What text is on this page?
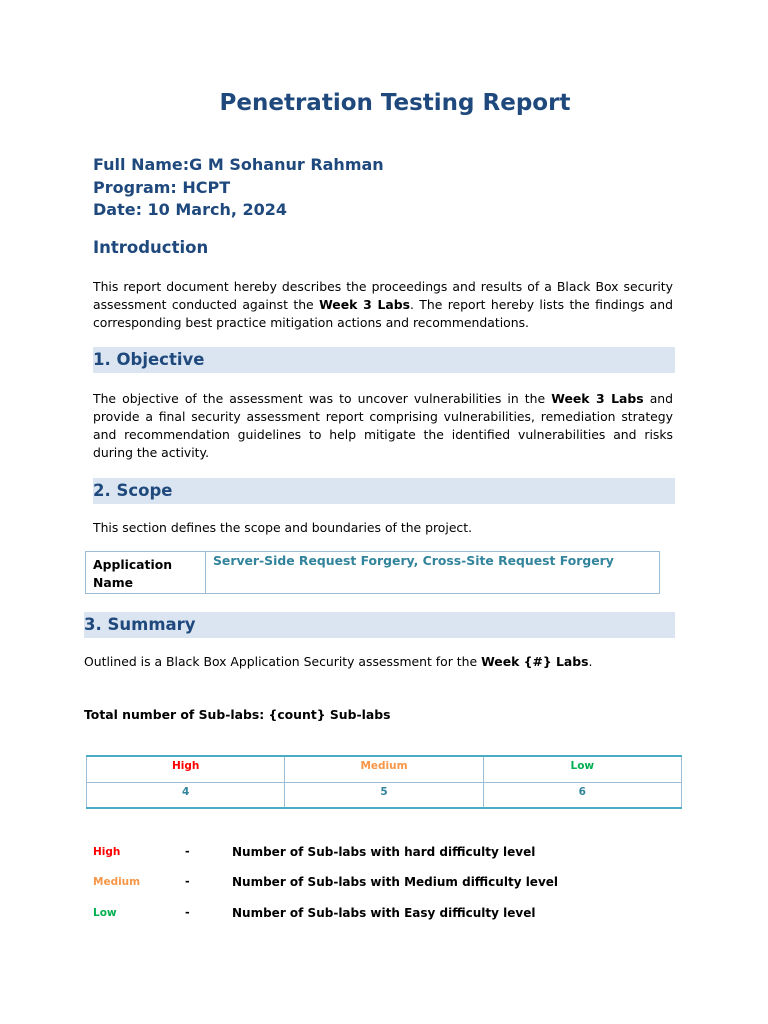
Penetration Testing Report
Full Name:G M Sohanur Rahman
Program: HCPT
Date: 10 March, 2024
Introduction
This report document hereby describes the proceedings and results of a Black Box security assessment conducted against the Week 3 Labs. The report hereby lists the findings and corresponding best practice mitigation actions and recommendations.
1. Objective
The objective of the assessment was to uncover vulnerabilities in the Week 3 Labs and provide a final security assessment report comprising vulnerabilities, remediation strategy and recommendation guidelines to help mitigate the identified vulnerabilities and risks during the activity.
2. Scope
This section defines the scope and boundaries of the project.
Application Name	Server-Side Request Forgery, Cross-Site Request Forgery
3. Summary
Outlined is a Black Box Application Security assessment for the Week {#} Labs.
Total number of Sub-labs: {count} Sub-labs
High	Medium	Low
4	5	6
High	-	Number of Sub-labs with hard difficulty level
Medium	-	Number of Sub-labs with Medium difficulty level
Low	-	Number of Sub-labs with Easy difficulty level
